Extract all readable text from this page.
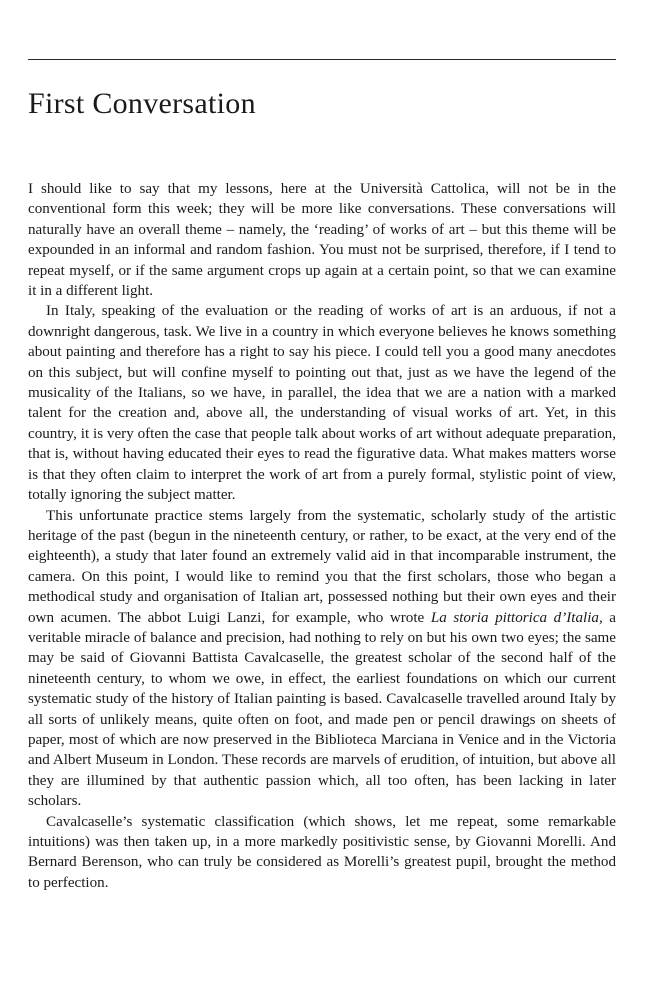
First Conversation

I should like to say that my lessons, here at the Università Cattolica, will not be in the conventional form this week; they will be more like conversations. These conversations will naturally have an overall theme – namely, the ‘reading’ of works of art – but this theme will be expounded in an informal and random fashion. You must not be surprised, therefore, if I tend to repeat myself, or if the same argument crops up again at a certain point, so that we can examine it in a different light.

In Italy, speaking of the evaluation or the reading of works of art is an arduous, if not a downright dangerous, task. We live in a country in which everyone believes he knows something about painting and therefore has a right to say his piece. I could tell you a good many anecdotes on this subject, but will confine myself to pointing out that, just as we have the legend of the musicality of the Italians, so we have, in parallel, the idea that we are a nation with a marked talent for the creation and, above all, the understanding of visual works of art. Yet, in this country, it is very often the case that people talk about works of art without adequate preparation, that is, without having educated their eyes to read the figurative data. What makes matters worse is that they often claim to interpret the work of art from a purely formal, stylistic point of view, totally ignoring the subject matter.

This unfortunate practice stems largely from the systematic, scholarly study of the artistic heritage of the past (begun in the nineteenth century, or rather, to be exact, at the very end of the eighteenth), a study that later found an extremely valid aid in that incomparable instrument, the camera. On this point, I would like to remind you that the first scholars, those who began a methodical study and organisation of Italian art, possessed nothing but their own eyes and their own acumen. The abbot Luigi Lanzi, for example, who wrote La storia pittorica d’Italia, a veritable miracle of balance and precision, had nothing to rely on but his own two eyes; the same may be said of Giovanni Battista Cavalcaselle, the greatest scholar of the second half of the nineteenth century, to whom we owe, in effect, the earliest foundations on which our current systematic study of the history of Italian painting is based. Cavalcaselle travelled around Italy by all sorts of unlikely means, quite often on foot, and made pen or pencil drawings on sheets of paper, most of which are now preserved in the Biblioteca Marciana in Venice and in the Victoria and Albert Museum in London. These records are marvels of erudition, of intuition, but above all they are illumined by that authentic passion which, all too often, has been lacking in later scholars.

Cavalcaselle’s systematic classification (which shows, let me repeat, some remarkable intuitions) was then taken up, in a more markedly positivistic sense, by Giovanni Morelli. And Bernard Berenson, who can truly be considered as Morelli’s greatest pupil, brought the method to perfection.
